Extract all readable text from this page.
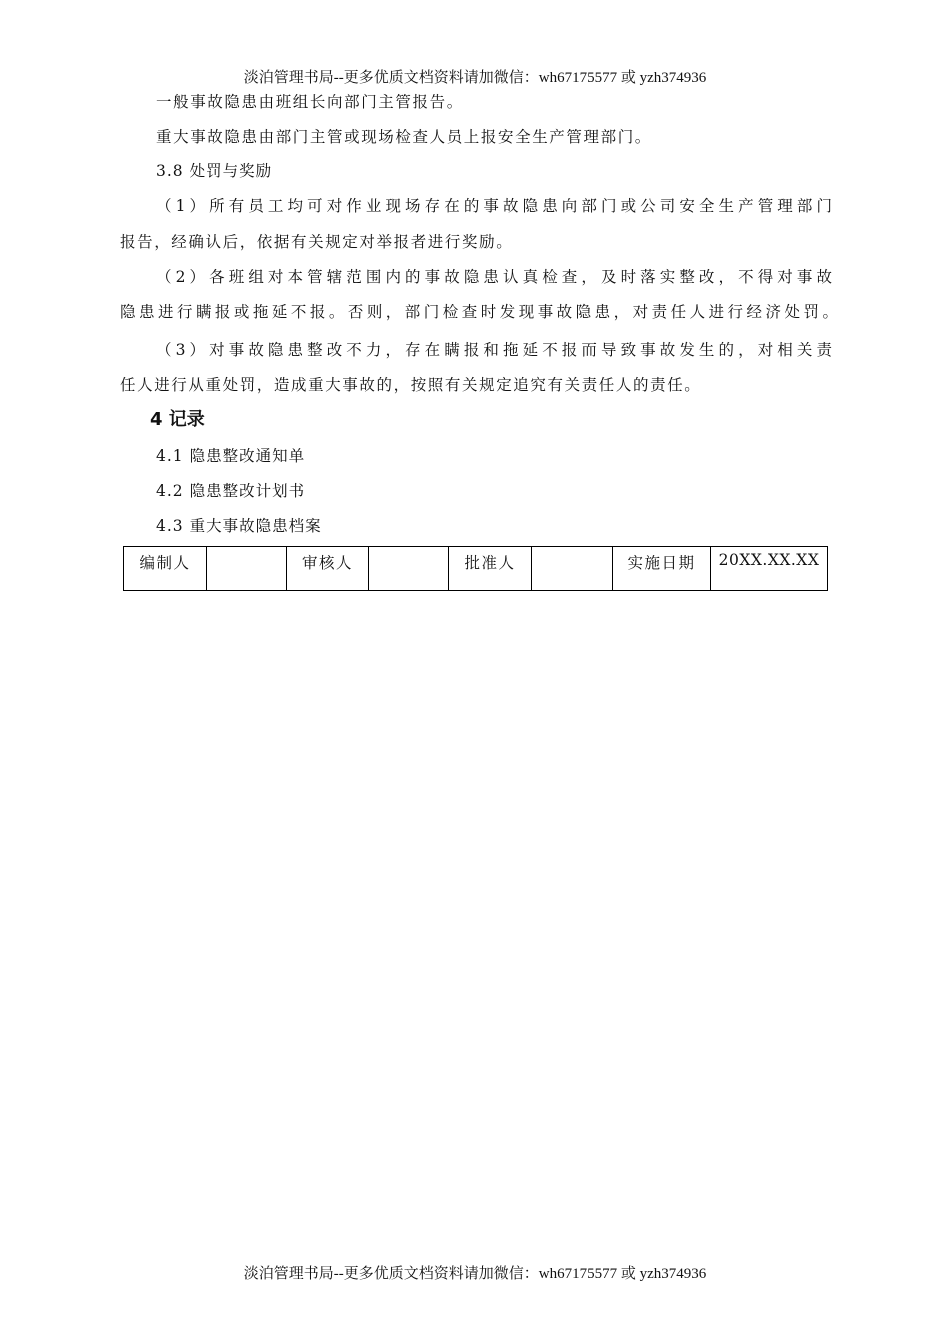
淡泊管理书局--更多优质文档资料请加微信：wh67175577 或 yzh374936
一般事故隐患由班组长向部门主管报告。
重大事故隐患由部门主管或现场检查人员上报安全生产管理部门。
3.8 处罚与奖励
（1）所有员工均可对作业现场存在的事故隐患向部门或公司安全生产管理部门
报告，经确认后，依据有关规定对举报者进行奖励。
（2）各班组对本管辖范围内的事故隐患认真检查，及时落实整改，不得对事故
隐患进行瞒报或拖延不报。否则，部门检查时发现事故隐患，对责任人进行经济处罚。
（3）对事故隐患整改不力，存在瞒报和拖延不报而导致事故发生的，对相关责
任人进行从重处罚，造成重大事故的，按照有关规定追究有关责任人的责任。
4 记录
4.1 隐患整改通知单
4.2 隐患整改计划书
4.3 重大事故隐患档案
编制人		审核人		批准人		实施日期	20XX.XX.XX
淡泊管理书局--更多优质文档资料请加微信：wh67175577 或 yzh374936
